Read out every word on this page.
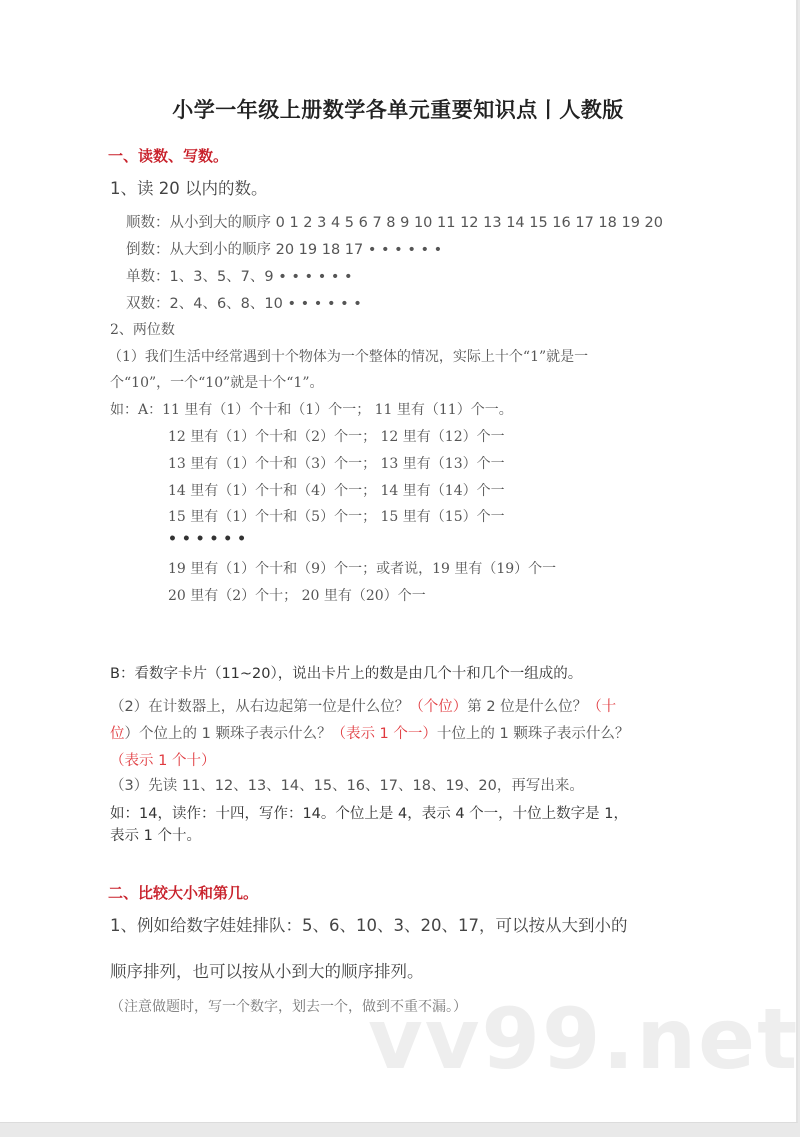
小学一年级上册数学各单元重要知识点丨人教版
一、读数、写数。
1、读 20 以内的数。
顺数：从小到大的顺序 0 1 2 3 4 5 6 7 8 9 10 11 12 13 14 15 16 17 18 19 20
倒数：从大到小的顺序 20 19 18 17 • • • • • •
单数：1、3、5、7、9 • • • • • •
双数：2、4、6、8、10 • • • • • •
2、两位数
（1）我们生活中经常遇到十个物体为一个整体的情况，实际上十个“1”就是一
个“10”，一个“10”就是十个“1”。
如：A：11 里有（1）个十和（1）个一； 11 里有（11）个一。
12 里有（1）个十和（2）个一； 12 里有（12）个一
13 里有（1）个十和（3）个一； 13 里有（13）个一
14 里有（1）个十和（4）个一； 14 里有（14）个一
15 里有（1）个十和（5）个一； 15 里有（15）个一
• • • • • •
19 里有（1）个十和（9）个一；或者说，19 里有（19）个一
20 里有（2）个十； 20 里有（20）个一
B：看数字卡片（11~20），说出卡片上的数是由几个十和几个一组成的。
（2）在计数器上，从右边起第一位是什么位？（个位）第 2 位是什么位？（十
位）个位上的 1 颗珠子表示什么？（表示 1 个一）十位上的 1 颗珠子表示什么？
（表示 1 个十）
（3）先读 11、12、13、14、15、16、17、18、19、20，再写出来。
如：14，读作：十四，写作：14。个位上是 4，表示 4 个一，十位上数字是 1，
表示 1 个十。
二、比较大小和第几。
1、例如给数字娃娃排队：5、6、10、3、20、17，可以按从大到小的
顺序排列，也可以按从小到大的顺序排列。
（注意做题时，写一个数字，划去一个，做到不重不漏。）
vv99.net
